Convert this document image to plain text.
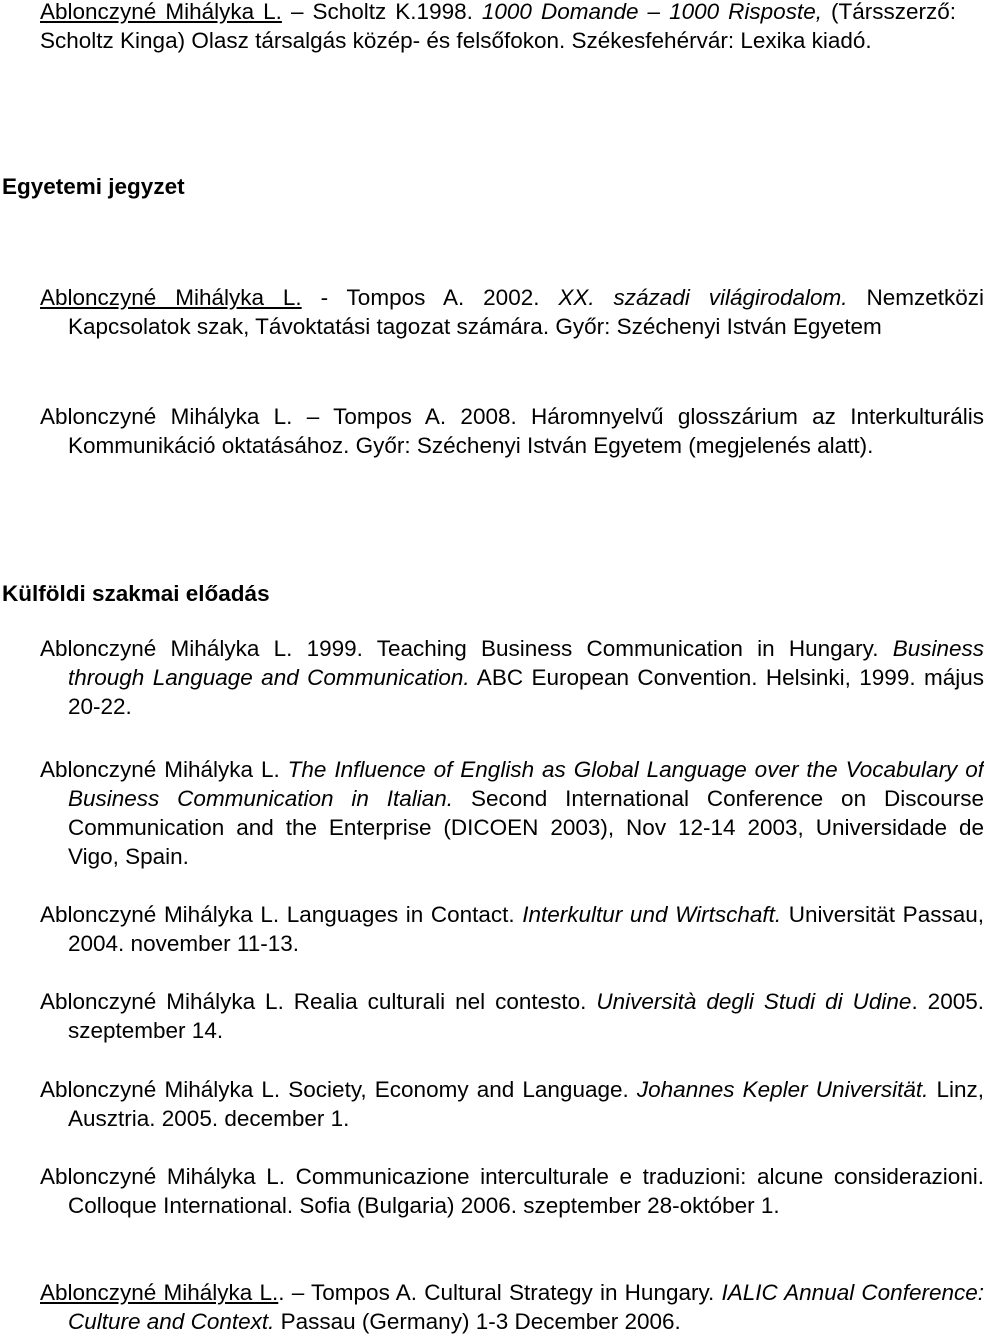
Ablonczyné Mihályka L. – Scholtz K.1998. 1000 Domande – 1000 Risposte, (Társszerző: Scholtz Kinga) Olasz társalgás közép- és felsőfokon. Székesfehérvár: Lexika kiadó.
Egyetemi jegyzet
Ablonczyné Mihályka L. - Tompos A. 2002. XX. századi világirodalom. Nemzetközi Kapcsolatok szak, Távoktatási tagozat számára. Győr: Széchenyi István Egyetem
Ablonczyné Mihályka L. – Tompos A. 2008. Háromnyelvű glosszárium az Interkulturális Kommunikáció oktatásához. Győr: Széchenyi István Egyetem (megjelenés alatt).
Külföldi szakmai előadás
Ablonczyné Mihályka L. 1999. Teaching Business Communication in Hungary. Business through Language and Communication. ABC European Convention. Helsinki, 1999. május 20-22.
Ablonczyné Mihályka L. The Influence of English as Global Language over the Vocabulary of Business Communication in Italian. Second International Conference on Discourse Communication and the Enterprise (DICOEN 2003), Nov 12-14 2003, Universidade de Vigo, Spain.
Ablonczyné Mihályka L. Languages in Contact. Interkultur und Wirtschaft. Universität Passau, 2004. november 11-13.
Ablonczyné Mihályka L. Realia culturali nel contesto. Università degli Studi di Udine. 2005. szeptember 14.
Ablonczyné Mihályka L. Society, Economy and Language. Johannes Kepler Universität. Linz, Ausztria. 2005. december 1.
Ablonczyné Mihályka L. Communicazione interculturale e traduzioni: alcune considerazioni. Colloque International. Sofia (Bulgaria) 2006. szeptember 28-október 1.
Ablonczyné Mihályka L.. – Tompos A. Cultural Strategy in Hungary. IALIC Annual Conference: Culture and Context. Passau (Germany) 1-3 December 2006.
